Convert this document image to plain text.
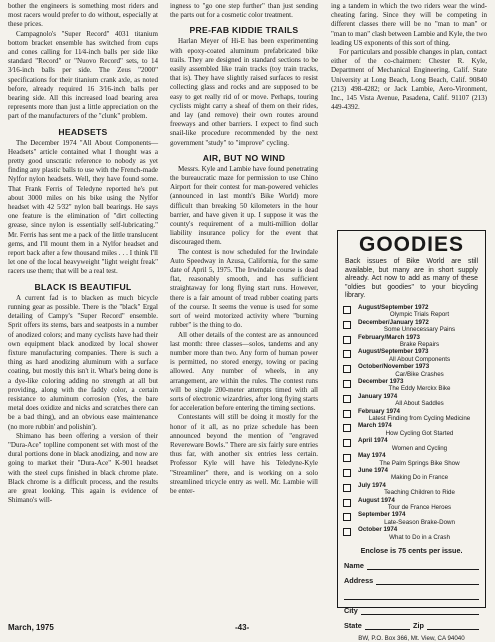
bother the engineers is something most riders and most racers would prefer to do without, especially at these prices.

Campagnolo's "Super Record" 4031 titanium bottom bracket ensemble has switched from cups and cones calling for 11⁄4-inch balls per side like standard "Record" or "Nuovo Record" sets, to 14 3⁄16-inch balls per side. The Zeus "2000" specifications for their titanium crank axle, as noted before, already required 16 3⁄16-inch balls per bearing side. All this increased load bearing area represents more than just a little appreciation on the part of the manufacturers of the "clunk" problem.

HEADSETS

The December 1974 "All About Components—Headsets" article contained what I thought was a pretty good unscratic reference to nobody as yet finding any plastic balls to use with the French-made Nylfor nylon headsets. Well, they have found some. That Frank Ferris of Teledyne reported he's put about 3000 miles on his bike using the Nylfor headset with 42 5⁄32" nylon ball bearings. He says one feature is the elimination of "dirt collecting grease, since nylon is essentially self-lubricating." Mr. Ferris has sent me a pack of the little translucent gems, and I'll mount them in a Nylfor headset and report back after a few thousand miles . . . I think I'll let one of the local heavyweight "light weight freak" racers use them; that will be a real test.

BLACK IS BEAUTIFUL

A current fad is to blacken as much bicycle running gear as possible. There is the "black" Ergal detailing of Campy's "Super Record" ensemble. Sprit offers its stems, bars and seatposts in a number of anodized colors; and many cyclists have had their own equipment black anodized by local shower fixture manufacturing companies. There is such a thing as hard anodizing aluminum with a surface coating, but mostly this isn't it. What's being done is a dye-like coloring adding no strength at all but providing, along with the faddy color, a certain resistance to aluminum corrosion (Yes, the bare metal does oxidize and nicks and scratches there can be a bad thing), and an obvious ease maintenance (no more rubbin' and polishin').

Shimano has been offering a version of their "Dura-Ace" toplline component set with most of the dural portions done in black anodizing, and now are going to market their "Dura-Ace" K-901 headset with the steel cups finished in black chrome plate. Black chrome is a difficult process, and the results are great looking. This again is evidence of Shimano's will-

ingness to "go one step further" than just sending the parts out for a cosmetic color treatment.

PRE-FAB KIDDIE TRAILS

Harlan Meyer of Hi-E has been experimenting with epoxy-coated aluminum prefabricated bike trails. They are designed in standard sections to be easily assembled like train tracks (toy train tracks, that is). They have slightly raised surfaces to resist collecting glass and rocks and are supposed to be easy to get really rid of or move. Perhaps, touring cyclists might carry a sheaf of them on their rides, and lay (and remove) their own routes around freeways and other barriers. I expect to find such snail-like procedure recommended by the next government "study" to "improve" cycling.

AIR, BUT NO WIND

Messrs. Kyle and Lambie have found penetrating the bureaucratic maze for permission to use Chino Airport for their contest for man-powered vehicles (announced in last month's Bike World) more difficult than breaking 50 kilometers in the hour barrier, and have given it up. I suppose it was the county's requirement of a multi-million dollar liability insurance policy for the event that discouraged them.

The contest is now scheduled for the Irwindale Auto Speedway in Azusa, California, for the same date of April 5, 1975. The Irwindale course is dead flat, reasonably smooth, and has sufficient straightaway for long flying start runs. However, there is a fair amount of tread rubber coating parts of the course. It seems the venue is used for some sort of weird motorized activity where "burning rubber" is the thing to do.

All other details of the contest are as announced last month: three classes—solos, tandems and any number more than two. Any form of human power is permitted, no stored energy, towing or pacing allowed. Any number of wheels, in any arrangement, are within the rules. The contest runs will be single 200-meter attempts timed with all sorts of electronic wizardries, after long flying starts for acceleration before entering the timing sections.

Contestants will still be doing it mostly for the honor of it all, as no prize schedule has been announced beyond the mention of "engraved Revereware Bowls." There are six fairly sure entries thus far, with another six entries less certain. Professor Kyle will have his Teledyne-Kyle "Streamliner" there, and is working on a solo streamlined tricycle entry as well. Mr. Lambie will be enter-

ing a tandem in which the two riders wear the wind-cheating faring. Since they will be competing in different classes there will be no "man to man" or "man to man" clash between Lambie and Kyle, the two leading US exponents of this sort of thing.

For particulars and possible changes in plan, contact either of the co-chairmen: Chester R. Kyle, Department of Mechanical Engineering, Calif. State University at Long Beach, Long Beach, Calif. 90840 (213) 498-4282; or Jack Lambie, Aero-Vironment, Inc., 145 Vista Avenue, Pasadena, Calif. 91107 (213) 449-4392.

GOODIES
Back issues of Bike World are still available, but many are in short supply already. Act now to add as many of these "oldies but goodies" to your bicycling library.
August/September 1972
Olympic Trials Report
December/January 1972
Some Unnecessary Pains
February/March 1973
Brake Repairs
August/September 1973
All About Components
October/November 1973
Car/Bike Crashes
December 1973
The Eddy Merckx Bike
January 1974
All About Saddles
February 1974
Latest Finding from Cycling Medicine
March 1974
How Cycling Got Started
April 1974
Women and Cycling
May 1974
The Palm Springs Bike Show
June 1974
Making Do in France
July 1974
Teaching Children to Ride
August 1974
Tour de France Heroes
September 1974
Late-Season Brake-Down
October 1974
What to Do in a Crash
Enclose is 75 cents per issue.
Name
Address
City
State	Zip
BW, P.O. Box 366, Mt. View, CA 94040
March, 1975	-43-
